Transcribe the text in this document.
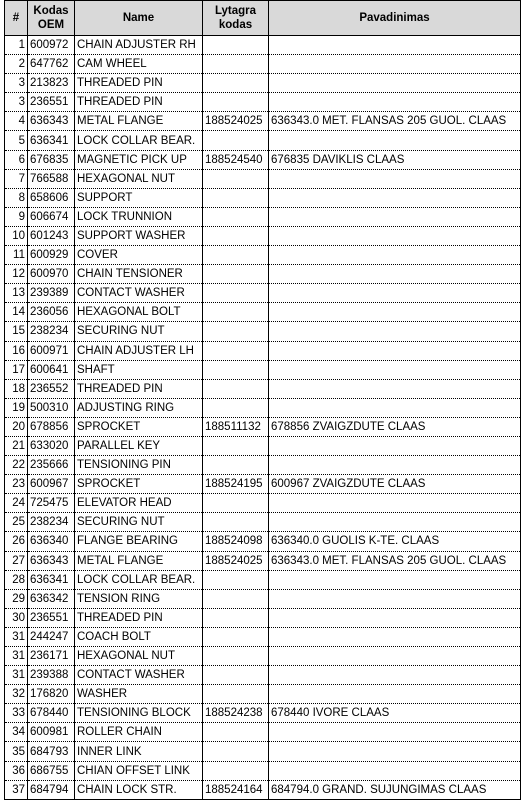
#	Kodas OEM	Name	Lytagra kodas	Pavadinimas
1	600972	CHAIN ADJUSTER RH		
2	647762	CAM WHEEL		
3	213823	THREADED PIN		
3	236551	THREADED PIN		
4	636343	METAL FLANGE	188524025	636343.0 MET. FLANSAS 205 GUOL. CLAAS
5	636341	LOCK COLLAR BEAR.		
6	676835	MAGNETIC PICK UP	188524540	676835 DAVIKLIS CLAAS
7	766588	HEXAGONAL NUT		
8	658606	SUPPORT		
9	606674	LOCK TRUNNION		
10	601243	SUPPORT WASHER		
11	600929	COVER		
12	600970	CHAIN TENSIONER		
13	239389	CONTACT WASHER		
14	236056	HEXAGONAL BOLT		
15	238234	SECURING NUT		
16	600971	CHAIN ADJUSTER LH		
17	600641	SHAFT		
18	236552	THREADED PIN		
19	500310	ADJUSTING RING		
20	678856	SPROCKET	188511132	678856 ZVAIGZDUTE CLAAS
21	633020	PARALLEL KEY		
22	235666	TENSIONING PIN		
23	600967	SPROCKET	188524195	600967 ZVAIGZDUTE CLAAS
24	725475	ELEVATOR HEAD		
25	238234	SECURING NUT		
26	636340	FLANGE BEARING	188524098	636340.0 GUOLIS K-TE. CLAAS
27	636343	METAL FLANGE	188524025	636343.0 MET. FLANSAS 205 GUOL. CLAAS
28	636341	LOCK COLLAR BEAR.		
29	636342	TENSION RING		
30	236551	THREADED PIN		
31	244247	COACH BOLT		
31	236171	HEXAGONAL NUT		
31	239388	CONTACT WASHER		
32	176820	WASHER		
33	678440	TENSIONING BLOCK	188524238	678440 IVORE CLAAS
34	600981	ROLLER CHAIN		
35	684793	INNER LINK		
36	686755	CHIAN OFFSET LINK		
37	684794	CHAIN LOCK STR.	188524164	684794.0 GRAND. SUJUNGIMAS CLAAS
